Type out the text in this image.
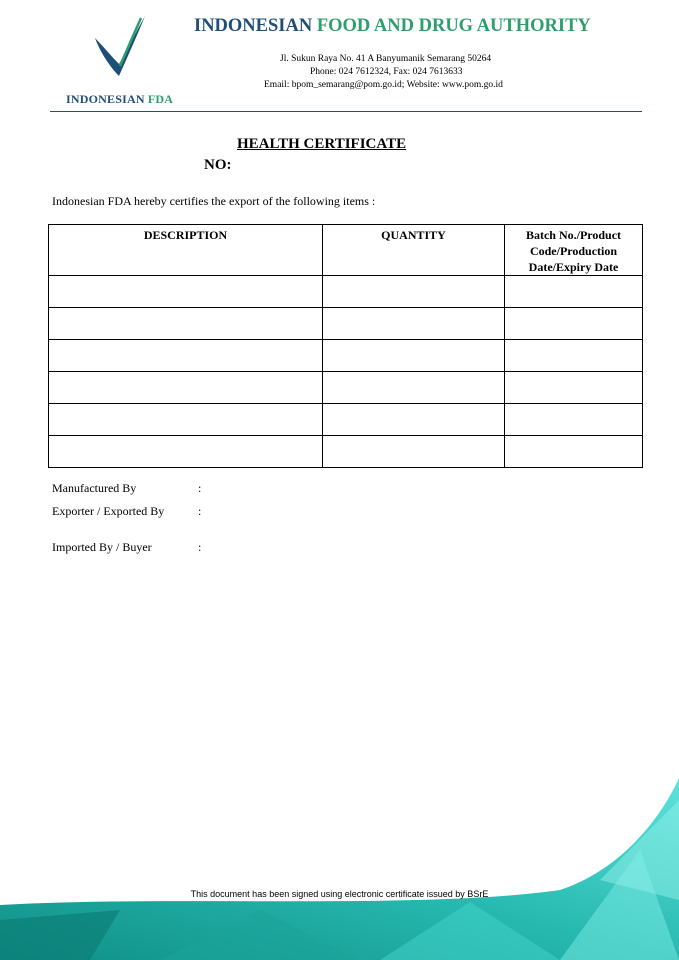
INDONESIAN FDA
INDONESIAN FOOD AND DRUG AUTHORITY
Jl. Sukun Raya No. 41 A Banyumanik Semarang 50264
Phone: 024 7612324, Fax: 024 7613633
Email: bpom_semarang@pom.go.id; Website: www.pom.go.id
HEALTH CERTIFICATE
NO:
Indonesian FDA hereby certifies the export of the following items :
DESCRIPTION	QUANTITY	Batch No./Product
Code/Production
Date/Expiry Date

Manufactured By	:
Exporter / Exported By	:
Imported By / Buyer	:
This document has been signed using electronic certificate issued by BSrE
